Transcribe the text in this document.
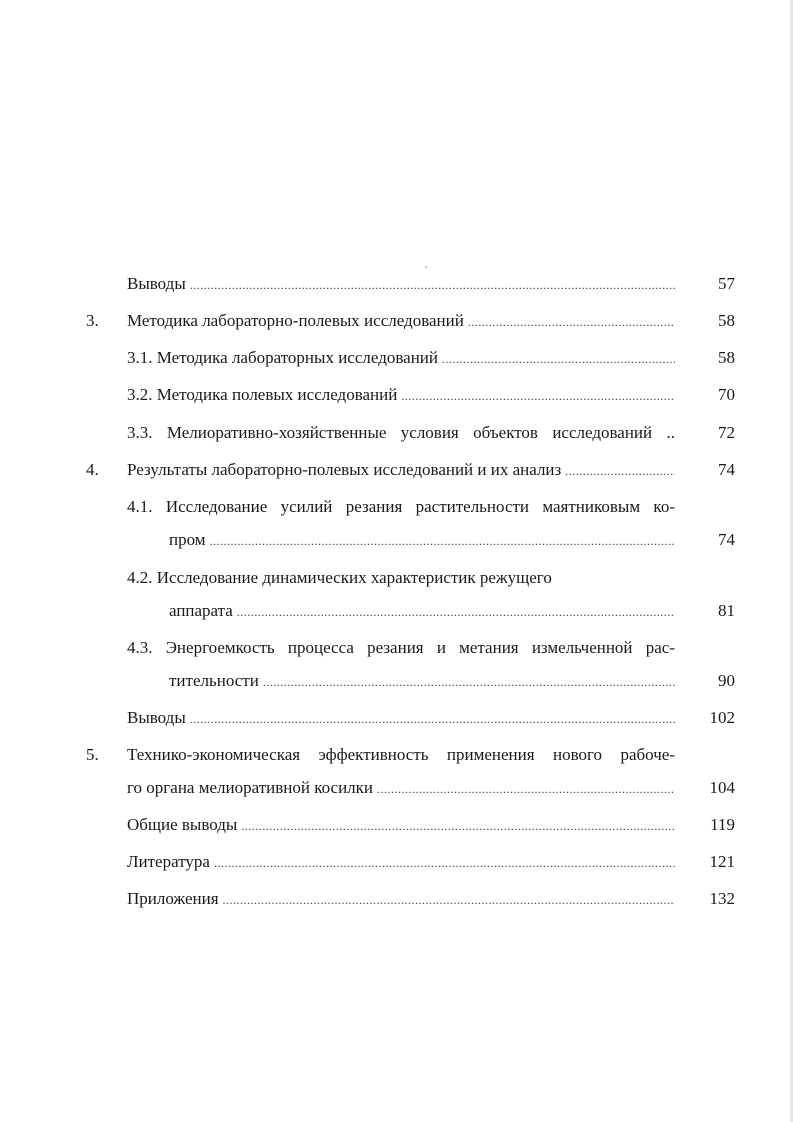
Выводы .....	57
3. Методика лабораторно-полевых исследований .....	58
3.1. Методика лабораторных исследований .....	58
3.2. Методика полевых исследований .....	70
3.3. Мелиоративно-хозяйственные условия объектов исследований ..	72
4. Результаты лабораторно-полевых исследований и их анализ .....	74
4.1. Исследование усилий резания растительности маятниковым ко-
пром .....	74
4.2. Исследование динамических характеристик режущего
аппарата .....	81
4.3. Энергоемкость процесса резания и метания измельченной рас-
тительности .....	90
Выводы .....	102
5. Технико-экономическая эффективность применения нового рабоче-
го органа мелиоративной косилки .....	104
Общие выводы .....	119
Литература .....	121
Приложения .....	132
